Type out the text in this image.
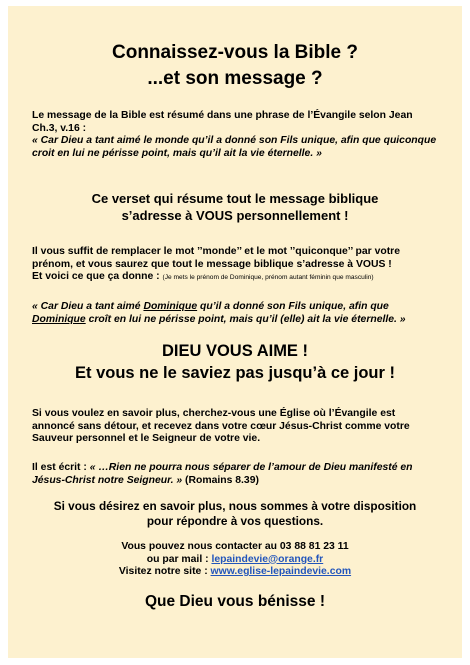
Connaissez-vous la Bible ?
...et son message ?
Le message de la Bible est résumé dans une phrase de l’Évangile selon Jean Ch.3, v.16 :
« Car Dieu a tant aimé le monde qu’il a donné son Fils unique, afin que quiconque croit en lui ne périsse point, mais qu’il ait la vie éternelle. »
Ce verset qui résume tout le message biblique
s’adresse à VOUS personnellement !
Il vous suffit de remplacer le mot ’’monde’’ et le mot ’’quiconque’’ par votre prénom, et vous saurez que tout le message biblique s’adresse à VOUS !
Et voici ce que ça donne : (Je mets le prénom de Dominique, prénom autant féminin que masculin)
« Car Dieu a tant aimé Dominique qu’il a donné son Fils unique, afin que Dominique croît en lui ne périsse point, mais qu’il (elle) ait la vie éternelle. »
DIEU VOUS AIME !
Et vous ne le saviez pas jusqu’à ce jour !
Si vous voulez en savoir plus, cherchez-vous une Église où l’Évangile est annoncé sans détour, et recevez dans votre cœur Jésus-Christ comme votre Sauveur personnel et le Seigneur de votre vie.
Il est écrit : « …Rien ne pourra nous séparer de l’amour de Dieu manifesté en Jésus-Christ notre Seigneur. » (Romains 8.39)
Si vous désirez en savoir plus, nous sommes à votre disposition
pour répondre à vos questions.
Vous pouvez nous contacter au 03 88 81 23 11
ou par mail : lepaindevie@orange.fr
Visitez notre site : www.eglise-lepaindevie.com
Que Dieu vous bénisse !
